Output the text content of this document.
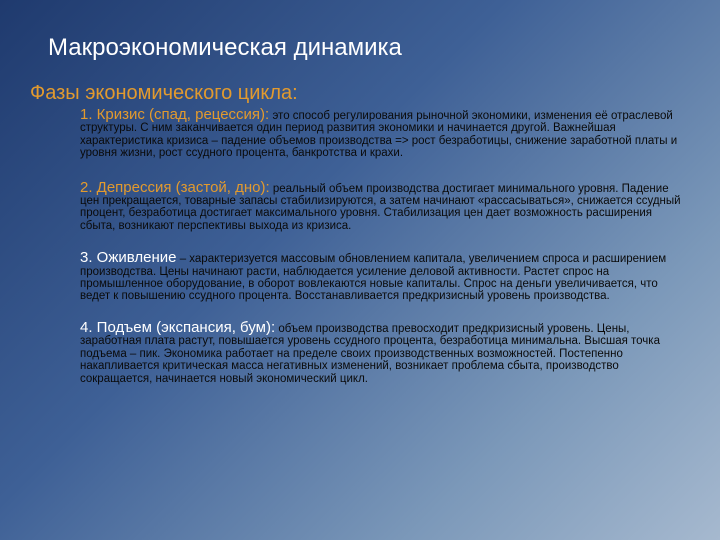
Макроэкономическая динамика
Фазы экономического цикла:
1. Кризис (спад, рецессия): это способ регулирования рыночной экономики, изменения её отраслевой структуры. С ним заканчивается один период развития экономики и начинается другой. Важнейшая характеристика кризиса – падение объемов производства => рост безработицы, снижение заработной платы и уровня жизни, рост ссудного процента, банкротства и крахи.
2. Депрессия (застой, дно): реальный объем производства достигает минимального уровня. Падение цен прекращается, товарные запасы стабилизируются, а затем начинают «рассасываться», снижается ссудный процент, безработица достигает максимального уровня. Стабилизация цен дает возможность расширения сбыта, возникают перспективы выхода из кризиса.
3. Оживление – характеризуется массовым обновлением капитала, увеличением спроса и расширением производства. Цены начинают расти, наблюдается усиление деловой активности. Растет спрос на промышленное оборудование, в оборот вовлекаются новые капиталы. Спрос на деньги увеличивается, что ведет к повышению ссудного процента. Восстанавливается предкризисный уровень производства.
4. Подъем (экспансия, бум): объем производства превосходит предкризисный уровень. Цены, заработная плата растут, повышается уровень ссудного процента, безработица минимальна. Высшая точка подъема – пик. Экономика работает на пределе своих производственных возможностей. Постепенно накапливается критическая масса негативных изменений, возникает проблема сбыта, производство сокращается, начинается новый экономический цикл.
